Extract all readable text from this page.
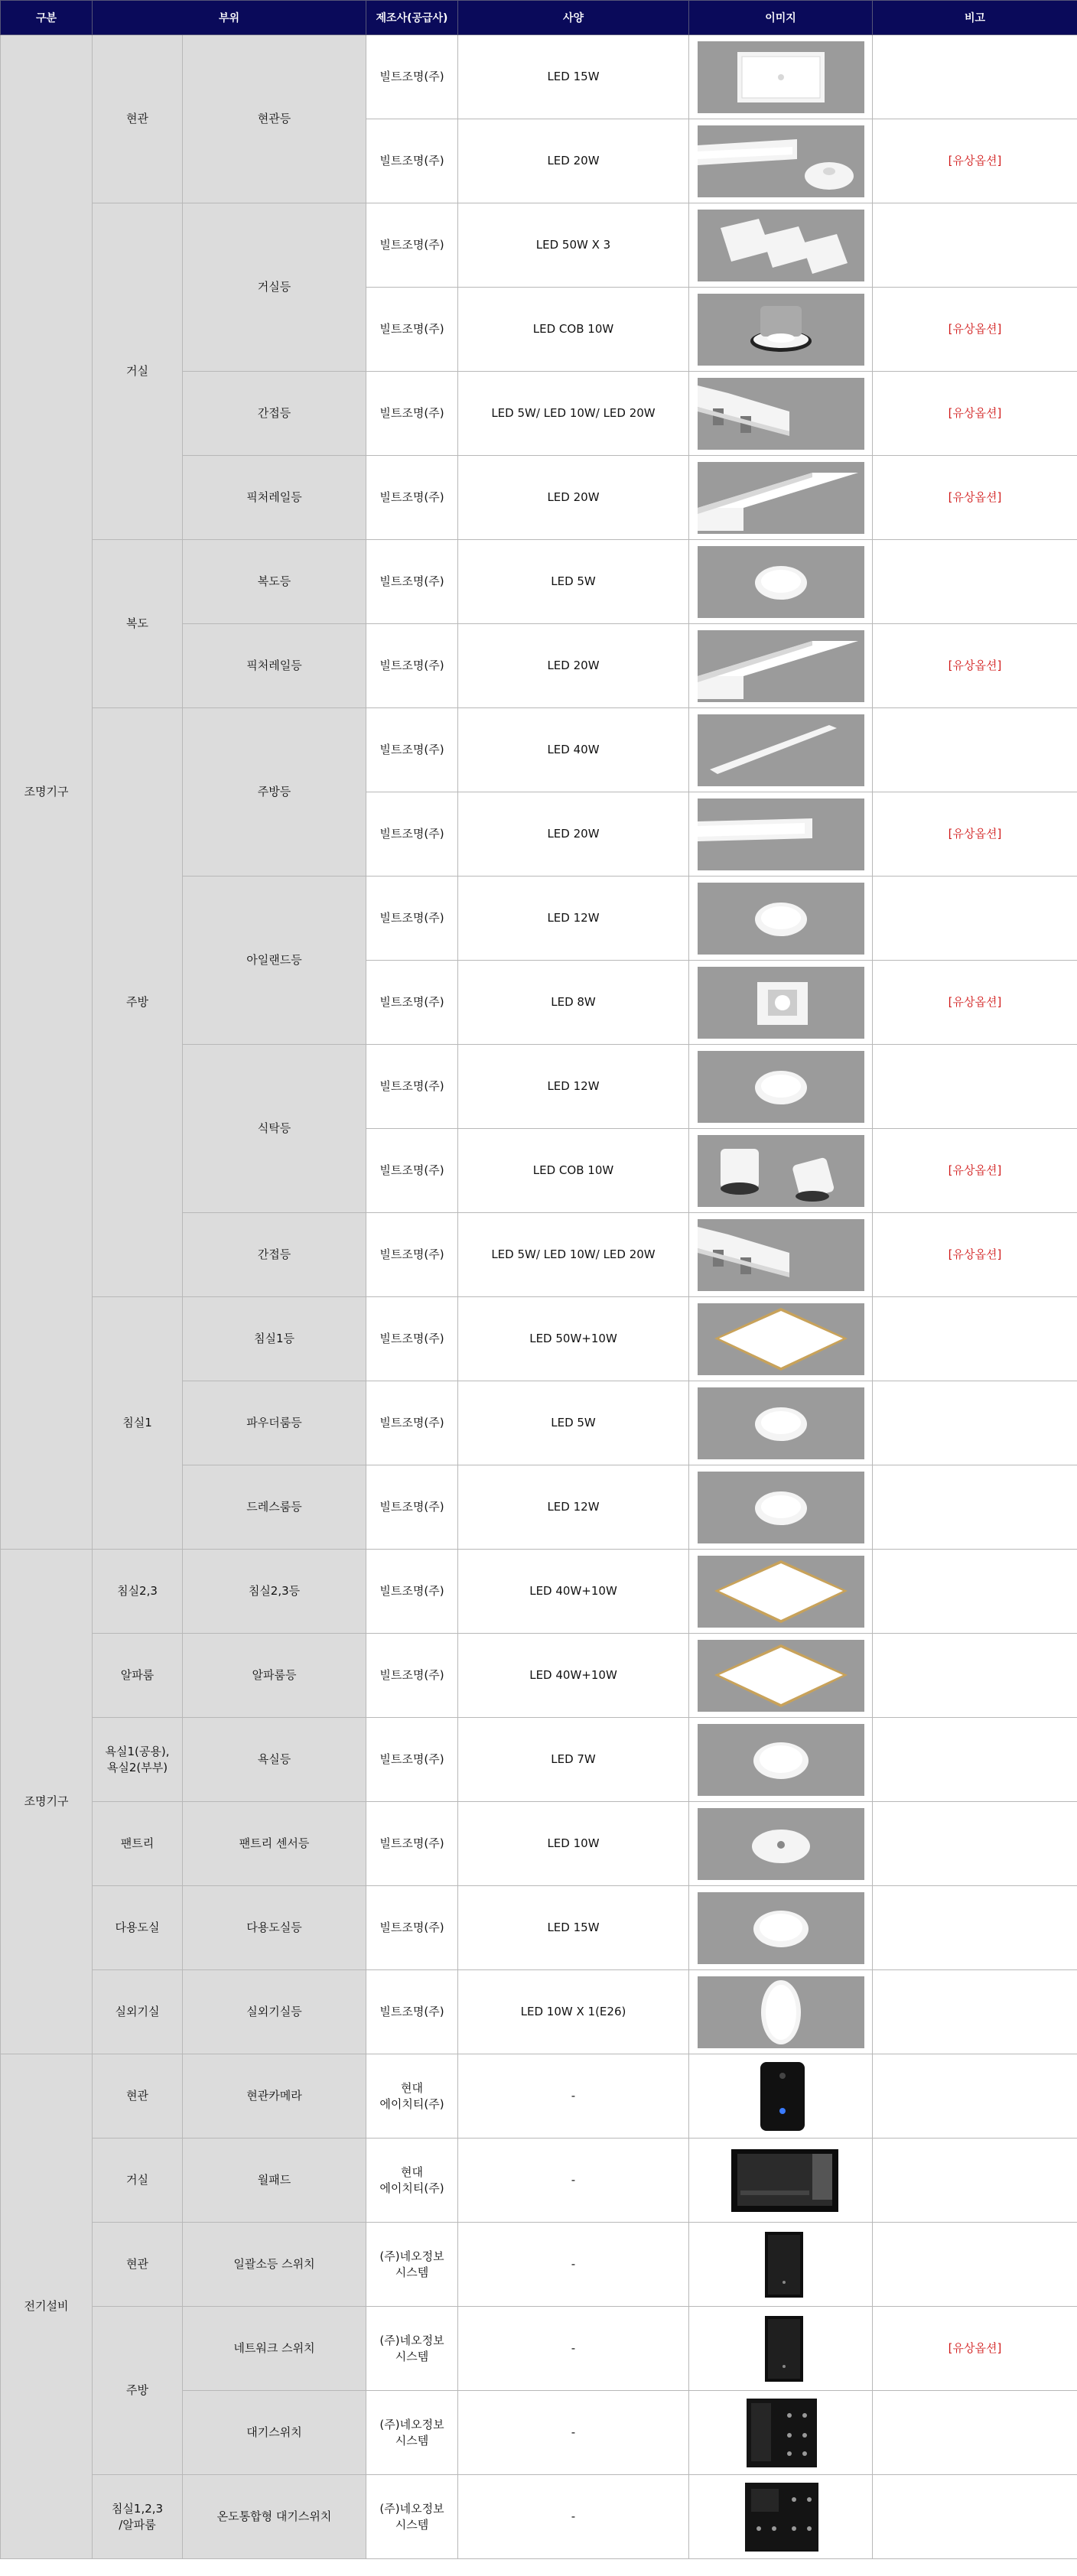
구분	부위		제조사(공급사)	사양	이미지	비고
조명기구	현관	현관등	빌트조명(주)	LED 15W	

			빌트조명(주)	LED 20W		[유상옵션]
	거실	거실등	빌트조명(주)	LED 50W X 3	

			빌트조명(주)	LED COB 10W		[유상옵션]
		간접등	빌트조명(주)	LED 5W/ LED 10W/ LED 20W		[유상옵션]
		픽처레일등	빌트조명(주)	LED 20W		[유상옵션]
	복도	복도등	빌트조명(주)	LED 5W	

		픽처레일등	빌트조명(주)	LED 20W		[유상옵션]
	주방	주방등	빌트조명(주)	LED 40W	

			빌트조명(주)	LED 20W		[유상옵션]
		아일랜드등	빌트조명(주)	LED 12W	

			빌트조명(주)	LED 8W		[유상옵션]
		식탁등	빌트조명(주)	LED 12W	

			빌트조명(주)	LED COB 10W		[유상옵션]
		간접등	빌트조명(주)	LED 5W/ LED 10W/ LED 20W		[유상옵션]
	침실1	침실1등	빌트조명(주)	LED 50W+10W	

		파우더룸등	빌트조명(주)	LED 5W	

		드레스룸등	빌트조명(주)	LED 12W	

조명기구	침실2,3	침실2,3등	빌트조명(주)	LED 40W+10W	

	알파룸	알파룸등	빌트조명(주)	LED 40W+10W	

	욕실1(공용),
욕실2(부부)	욕실등	빌트조명(주)	LED 7W	

	팬트리	팬트리 센서등	빌트조명(주)	LED 10W	

	다용도실	다용도실등	빌트조명(주)	LED 15W	

	실외기실	실외기실등	빌트조명(주)	LED 10W X 1(E26)	

전기설비	현관	현관카메라	현대
에이치티(주)	-	

	거실	월패드	현대
에이치티(주)	-	

	현관	일괄소등 스위치	(주)네오정보
시스템	-	

	주방	네트워크 스위치	(주)네오정보
시스템	-		[유상옵션]
		대기스위치	(주)네오정보
시스템	-	

	침실1,2,3
/알파룸	온도통합형 대기스위치	(주)네오정보
시스템	-	
